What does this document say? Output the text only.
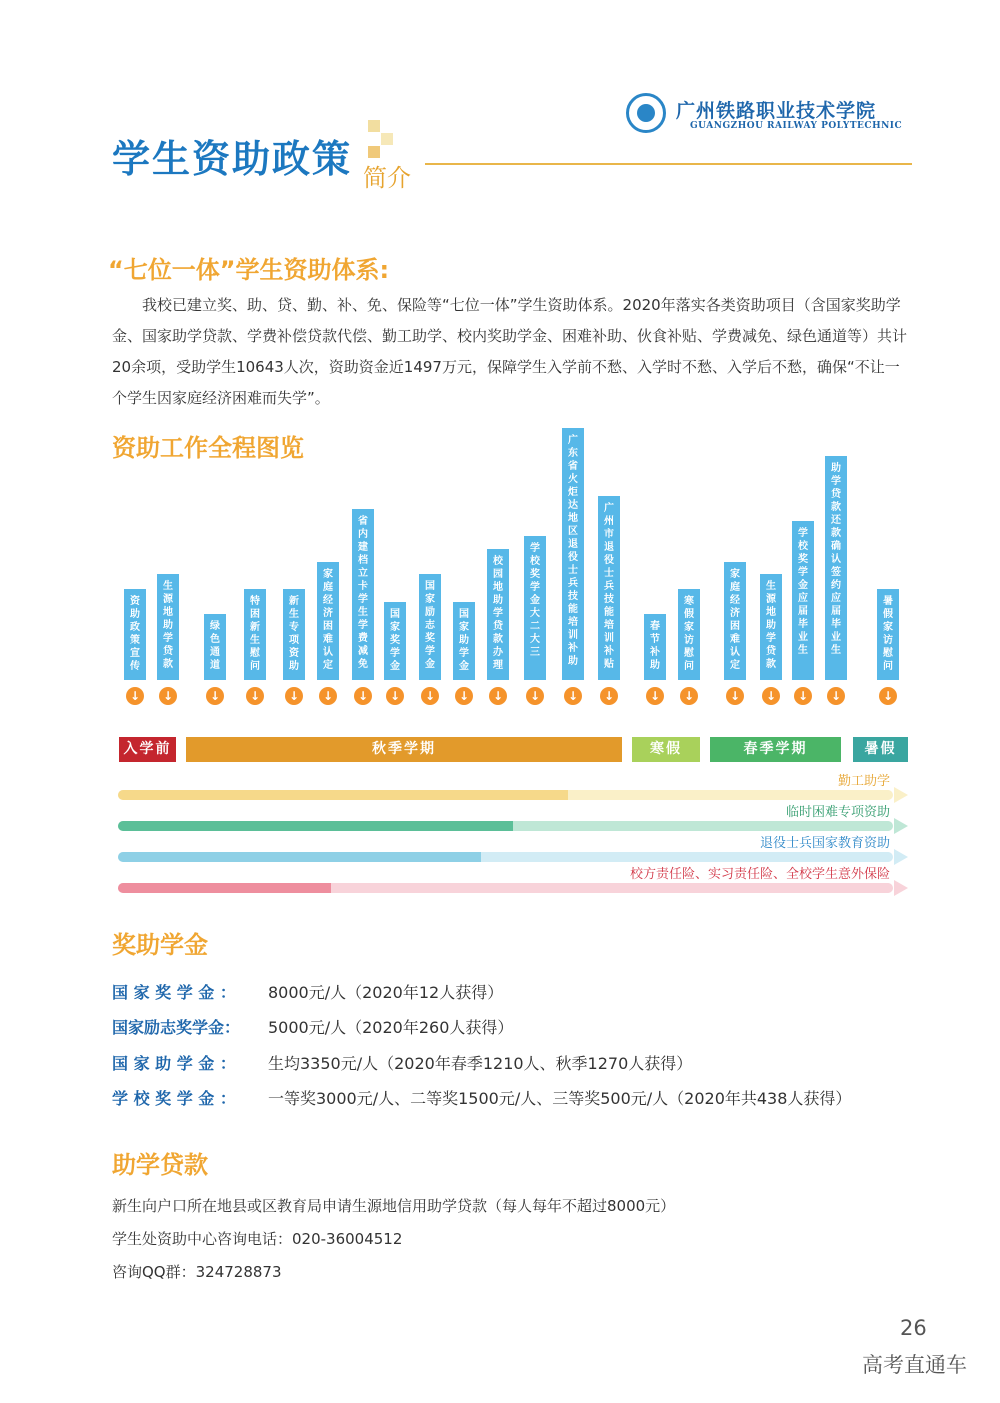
广州铁路职业技术学院
GUANGZHOU RAILWAY POLYTECHNIC
学生资助政策 简介
“七位一体”学生资助体系:
我校已建立奖、助、贷、勤、补、免、保险等“七位一体”学生资助体系。2020年落实各类资助项目（含国家奖助学金、国家助学贷款、学费补偿贷款代偿、勤工助学、校内奖助学金、困难补助、伙食补贴、学费减免、绿色通道等）共计20余项，受助学生10643人次，资助资金近1497万元，保障学生入学前不愁、入学时不愁、入学后不愁，确保“不让一个学生因家庭经济困难而失学”。
资助工作全程图览
资
助
政
策
宣
传
↓
生
源
地
助
学
贷
款
↓
绿
色
通
道
↓
特
困
新
生
慰
问
↓
新
生
专
项
资
助
↓
家
庭
经
济
困
难
认
定
↓
省
内
建
档
立
卡
学
生
学
费
减
免
↓
国
家
奖
学
金
↓
国
家
励
志
奖
学
金
↓
国
家
助
学
金
↓
校
园
地
助
学
贷
款
办
理
↓
学
校
奖
学
金
大
二
大
三
↓
广
东
省
火
炬
达
地
区
退
役
士
兵
技
能
培
训
补
助
↓
广
州
市
退
役
士
兵
技
能
培
训
补
贴
↓
春
节
补
助
↓
寒
假
家
访
慰
问
↓
家
庭
经
济
困
难
认
定
↓
生
源
地
助
学
贷
款
↓
学
校
奖
学
金
应
届
毕
业
生
↓
助
学
贷
款
还
款
确
认
签
约
应
届
毕
业
生
↓
暑
假
家
访
慰
问
↓
入学前	秋季学期	寒假	春季学期	暑假
勤工助学
临时困难专项资助
退役士兵国家教育资助
校方责任险、实习责任险、全校学生意外保险
奖助学金
国 家 奖 学 金 ： 8000元/人（2020年12人获得）
国家励志奖学金： 5000元/人（2020年260人获得）
国 家 助 学 金 ： 生均3350元/人（2020年春季1210人、秋季1270人获得）
学 校 奖 学 金 ： 一等奖3000元/人、二等奖1500元/人、三等奖500元/人（2020年共438人获得）
助学贷款
新生向户口所在地县或区教育局申请生源地信用助学贷款（每人每年不超过8000元）
学生处资助中心咨询电话：020-36004512
咨询QQ群：324728873
26
高考直通车
